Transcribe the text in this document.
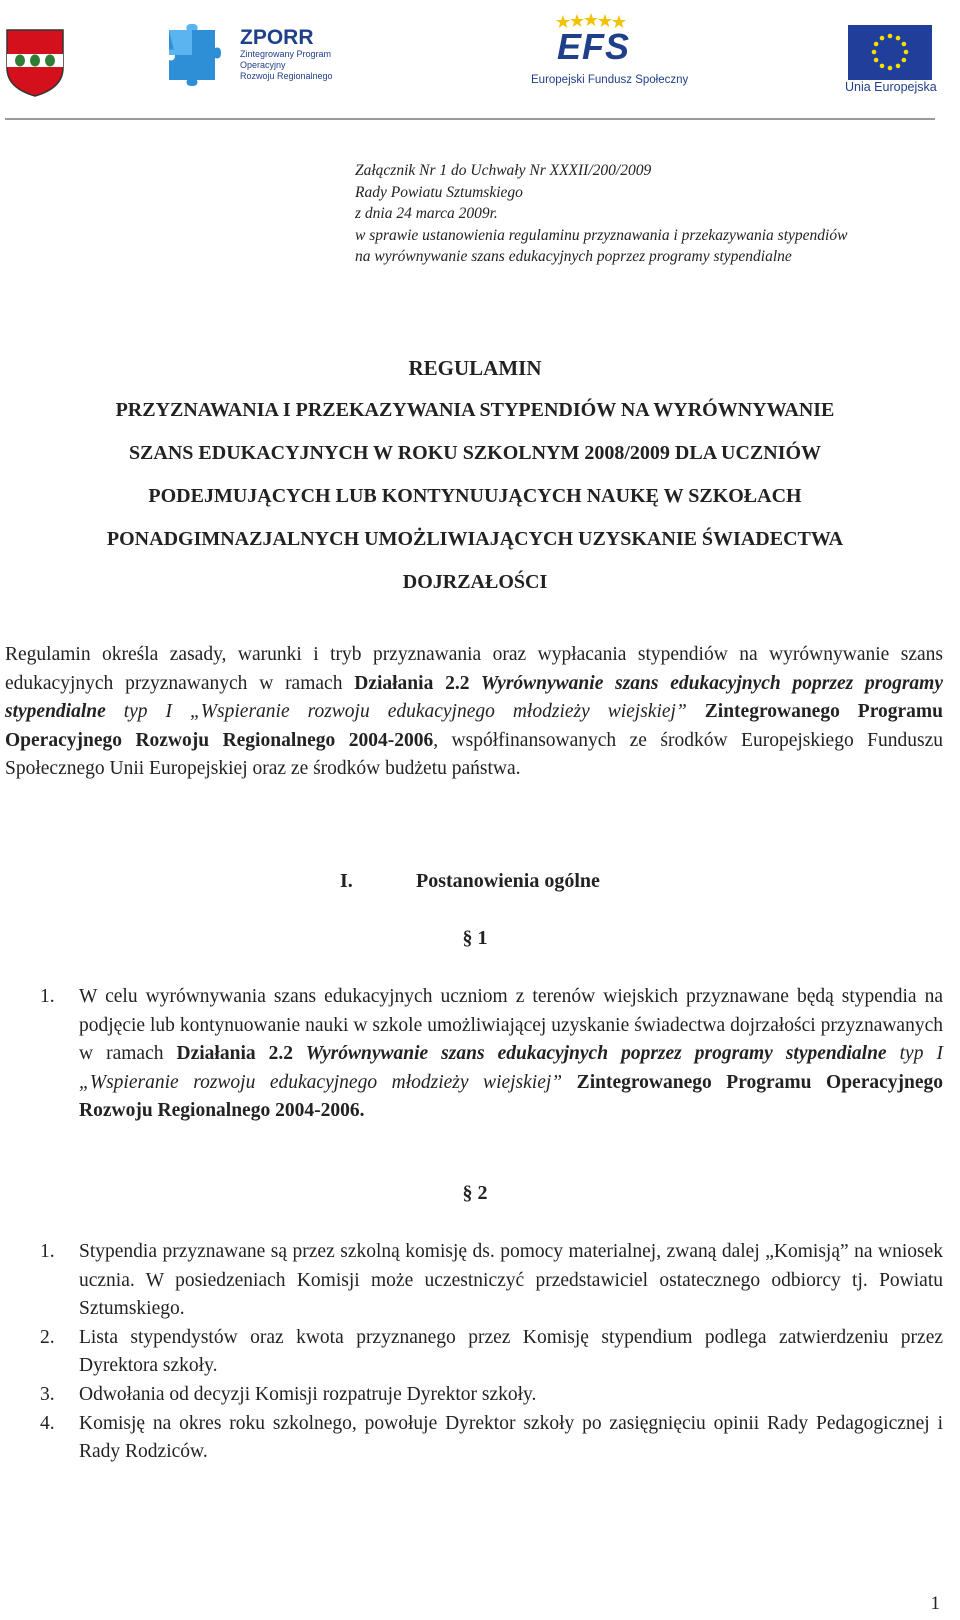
ZPORR
Zintegrowany Program
Operacyjny
Rozwoju Regionalnego
EFS
Europejski Fundusz Społeczny	Unia Europejska
Załącznik Nr 1 do Uchwały Nr XXXII/200/2009
Rady Powiatu Sztumskiego
z dnia 24 marca 2009r.
w sprawie ustanowienia regulaminu przyznawania i przekazywania stypendiów
na wyrównywanie szans edukacyjnych poprzez programy stypendialne
REGULAMIN
PRZYZNAWANIA I PRZEKAZYWANIA STYPENDIÓW NA WYRÓWNYWANIE
SZANS EDUKACYJNYCH W ROKU SZKOLNYM 2008/2009 DLA UCZNIÓW
PODEJMUJĄCYCH LUB KONTYNUUJĄCYCH NAUKĘ W SZKOŁACH
PONADGIMNAZJALNYCH UMOŻLIWIAJĄCYCH UZYSKANIE ŚWIADECTWA
DOJRZAŁOŚCI
Regulamin określa zasady, warunki i tryb przyznawania oraz wypłacania stypendiów na wyrównywanie szans edukacyjnych przyznawanych w ramach Działania 2.2 Wyrównywanie szans edukacyjnych poprzez programy stypendialne typ I „Wspieranie rozwoju edukacyjnego młodzieży wiejskiej” Zintegrowanego Programu Operacyjnego Rozwoju Regionalnego 2004-2006, współfinansowanych ze środków Europejskiego Funduszu Społecznego Unii Europejskiej oraz ze środków budżetu państwa.
I.	Postanowienia ogólne
§ 1
1. W celu wyrównywania szans edukacyjnych uczniom z terenów wiejskich przyznawane będą stypendia na podjęcie lub kontynuowanie nauki w szkole umożliwiającej uzyskanie świadectwa dojrzałości przyznawanych w ramach Działania 2.2 Wyrównywanie szans edukacyjnych poprzez programy stypendialne typ I „Wspieranie rozwoju edukacyjnego młodzieży wiejskiej” Zintegrowanego Programu Operacyjnego Rozwoju Regionalnego 2004-2006.
§ 2
1. Stypendia przyznawane są przez szkolną komisję ds. pomocy materialnej, zwaną dalej „Komisją” na wniosek ucznia. W posiedzeniach Komisji może uczestniczyć przedstawiciel ostatecznego odbiorcy tj. Powiatu Sztumskiego.
2. Lista stypendystów oraz kwota przyznanego przez Komisję stypendium podlega zatwierdzeniu przez Dyrektora szkoły.
3. Odwołania od decyzji Komisji rozpatruje Dyrektor szkoły.
4. Komisję na okres roku szkolnego, powołuje Dyrektor szkoły po zasięgnięciu opinii Rady Pedagogicznej i Rady Rodziców.
1
